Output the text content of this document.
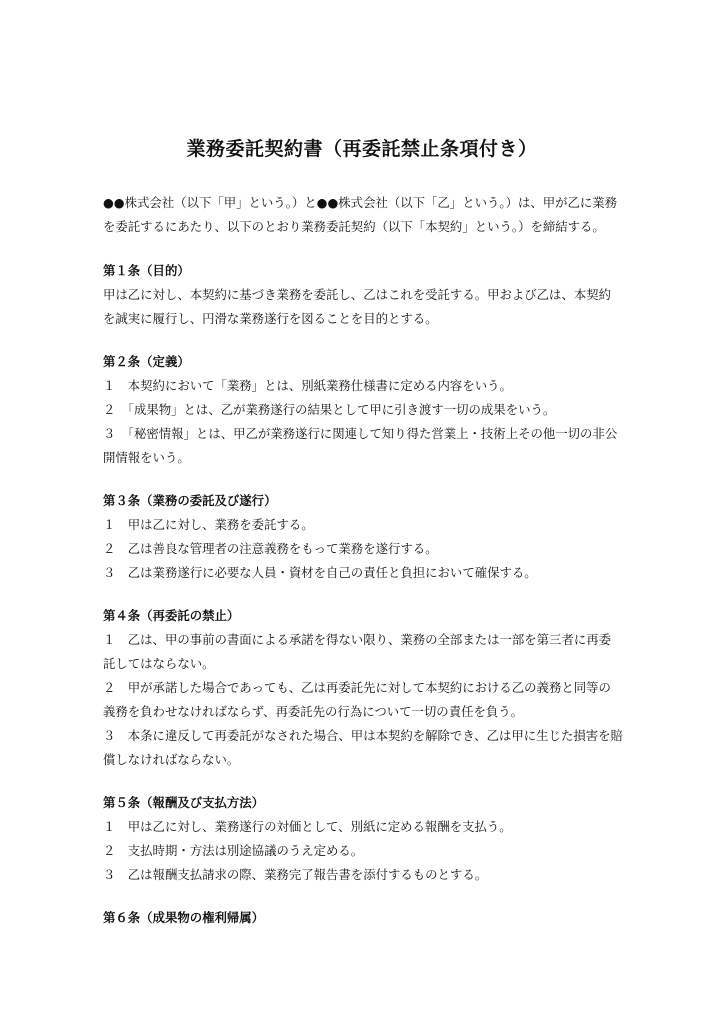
業務委託契約書（再委託禁止条項付き）

●●株式会社（以下「甲」という。）と●●株式会社（以下「乙」という。）は、甲が乙に業務を委託するにあたり、以下のとおり業務委託契約（以下「本契約」という。）を締結する。

第１条（目的）

甲は乙に対し、本契約に基づき業務を委託し、乙はこれを受託する。甲および乙は、本契約を誠実に履行し、円滑な業務遂行を図ることを目的とする。

第２条（定義）

１　本契約において「業務」とは、別紙業務仕様書に定める内容をいう。

２　「成果物」とは、乙が業務遂行の結果として甲に引き渡す一切の成果をいう。

３　「秘密情報」とは、甲乙が業務遂行に関連して知り得た営業上・技術上その他一切の非公開情報をいう。

第３条（業務の委託及び遂行）

１　甲は乙に対し、業務を委託する。

２　乙は善良な管理者の注意義務をもって業務を遂行する。

３　乙は業務遂行に必要な人員・資材を自己の責任と負担において確保する。

第４条（再委託の禁止）

１　乙は、甲の事前の書面による承諾を得ない限り、業務の全部または一部を第三者に再委託してはならない。

２　甲が承諾した場合であっても、乙は再委託先に対して本契約における乙の義務と同等の義務を負わせなければならず、再委託先の行為について一切の責任を負う。

３　本条に違反して再委託がなされた場合、甲は本契約を解除でき、乙は甲に生じた損害を賠償しなければならない。

第５条（報酬及び支払方法）

１　甲は乙に対し、業務遂行の対価として、別紙に定める報酬を支払う。

２　支払時期・方法は別途協議のうえ定める。

３　乙は報酬支払請求の際、業務完了報告書を添付するものとする。

第６条（成果物の権利帰属）
